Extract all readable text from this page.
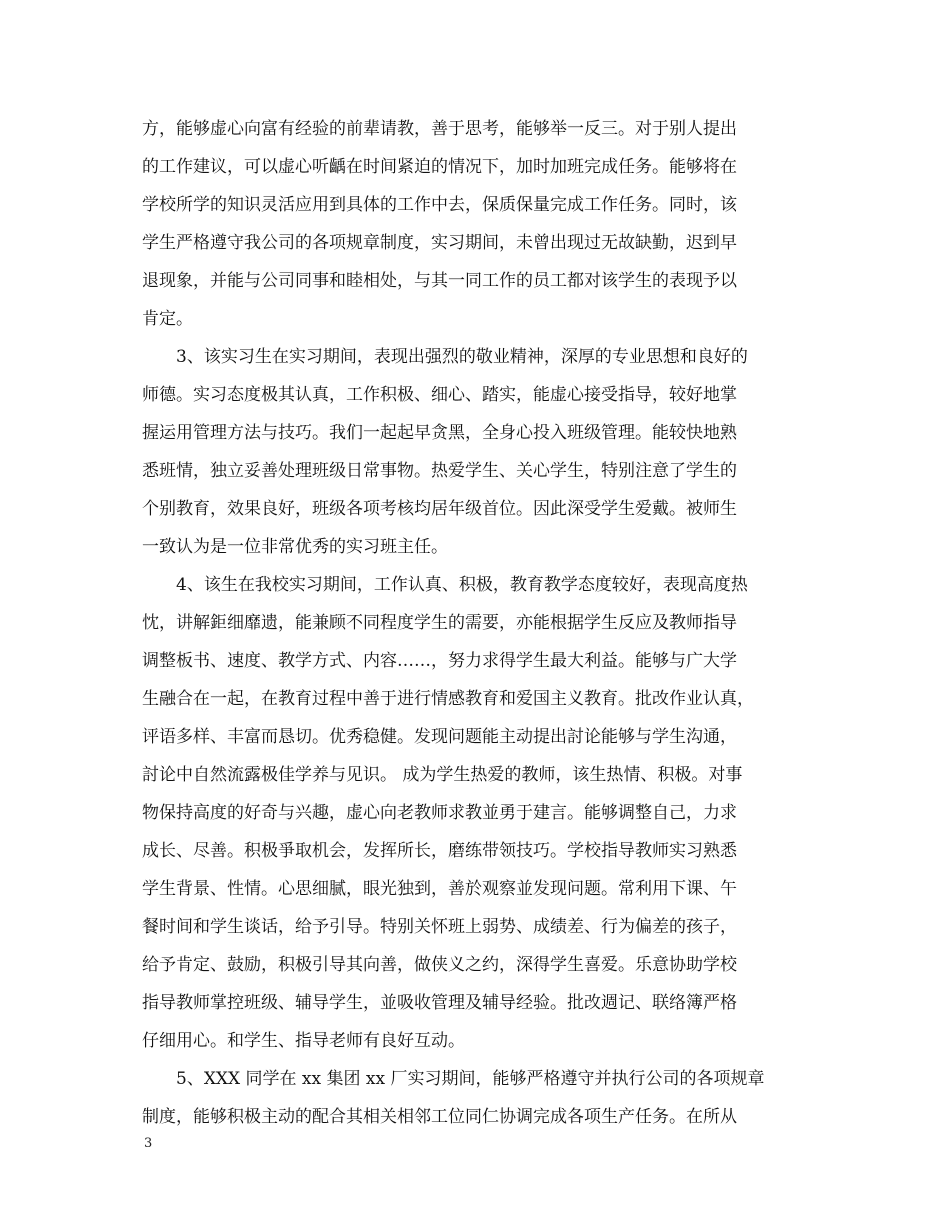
方，能够虚心向富有经验的前辈请教，善于思考，能够举一反三。对于别人提出
的工作建议，可以虚心听齲在时间紧迫的情况下，加时加班完成任务。能够将在
学校所学的知识灵活应用到具体的工作中去，保质保量完成工作任务。同时，该
学生严格遵守我公司的各项规章制度，实习期间，未曾出现过无故缺勤，迟到早
退现象，并能与公司同事和睦相处，与其一同工作的员工都对该学生的表现予以
肯定。
3、该实习生在实习期间，表现出强烈的敬业精神，深厚的专业思想和良好的
师德。实习态度极其认真，工作积极、细心、踏实，能虚心接受指导，较好地掌
握运用管理方法与技巧。我们一起起早贪黑，全身心投入班级管理。能较快地熟
悉班情，独立妥善处理班级日常事物。热爱学生、关心学生，特别注意了学生的
个别教育，效果良好，班级各项考核均居年级首位。因此深受学生爱戴。被师生
一致认为是一位非常优秀的实习班主任。
4、该生在我校实习期间，工作认真、积极，教育教学态度较好，表现高度热
忱，讲解鉅细靡遗，能兼顾不同程度学生的需要，亦能根据学生反应及教师指导
调整板书、速度、教学方式、内容……，努力求得学生最大利益。能够与广大学
生融合在一起，在教育过程中善于进行情感教育和爱国主义教育。批改作业认真，
评语多样、丰富而恳切。优秀稳健。发现问题能主动提出討论能够与学生沟通，
討论中自然流露极佳学养与见识。 成为学生热爱的教师，该生热情、积极。对事
物保持高度的好奇与兴趣，虚心向老教师求教並勇于建言。能够调整自己，力求
成长、尽善。积极爭取机会，发挥所长，磨练带领技巧。学校指导教师实习熟悉
学生背景、性情。心思细腻，眼光独到，善於观察並发现问题。常利用下课、午
餐时间和学生谈话，给予引导。特别关怀班上弱势、成绩差、行为偏差的孩子，
给予肯定、鼓励，积极引导其向善，做侠义之约，深得学生喜爱。乐意协助学校
指导教师掌控班级、辅导学生，並吸收管理及辅导经验。批改週记、联络簿严格
仔细用心。和学生、指导老师有良好互动。
5、XXX 同学在 xx 集团 xx 厂实习期间，能够严格遵守并执行公司的各项规章
制度，能够积极主动的配合其相关相邻工位同仁协调完成各项生产任务。在所从
3
